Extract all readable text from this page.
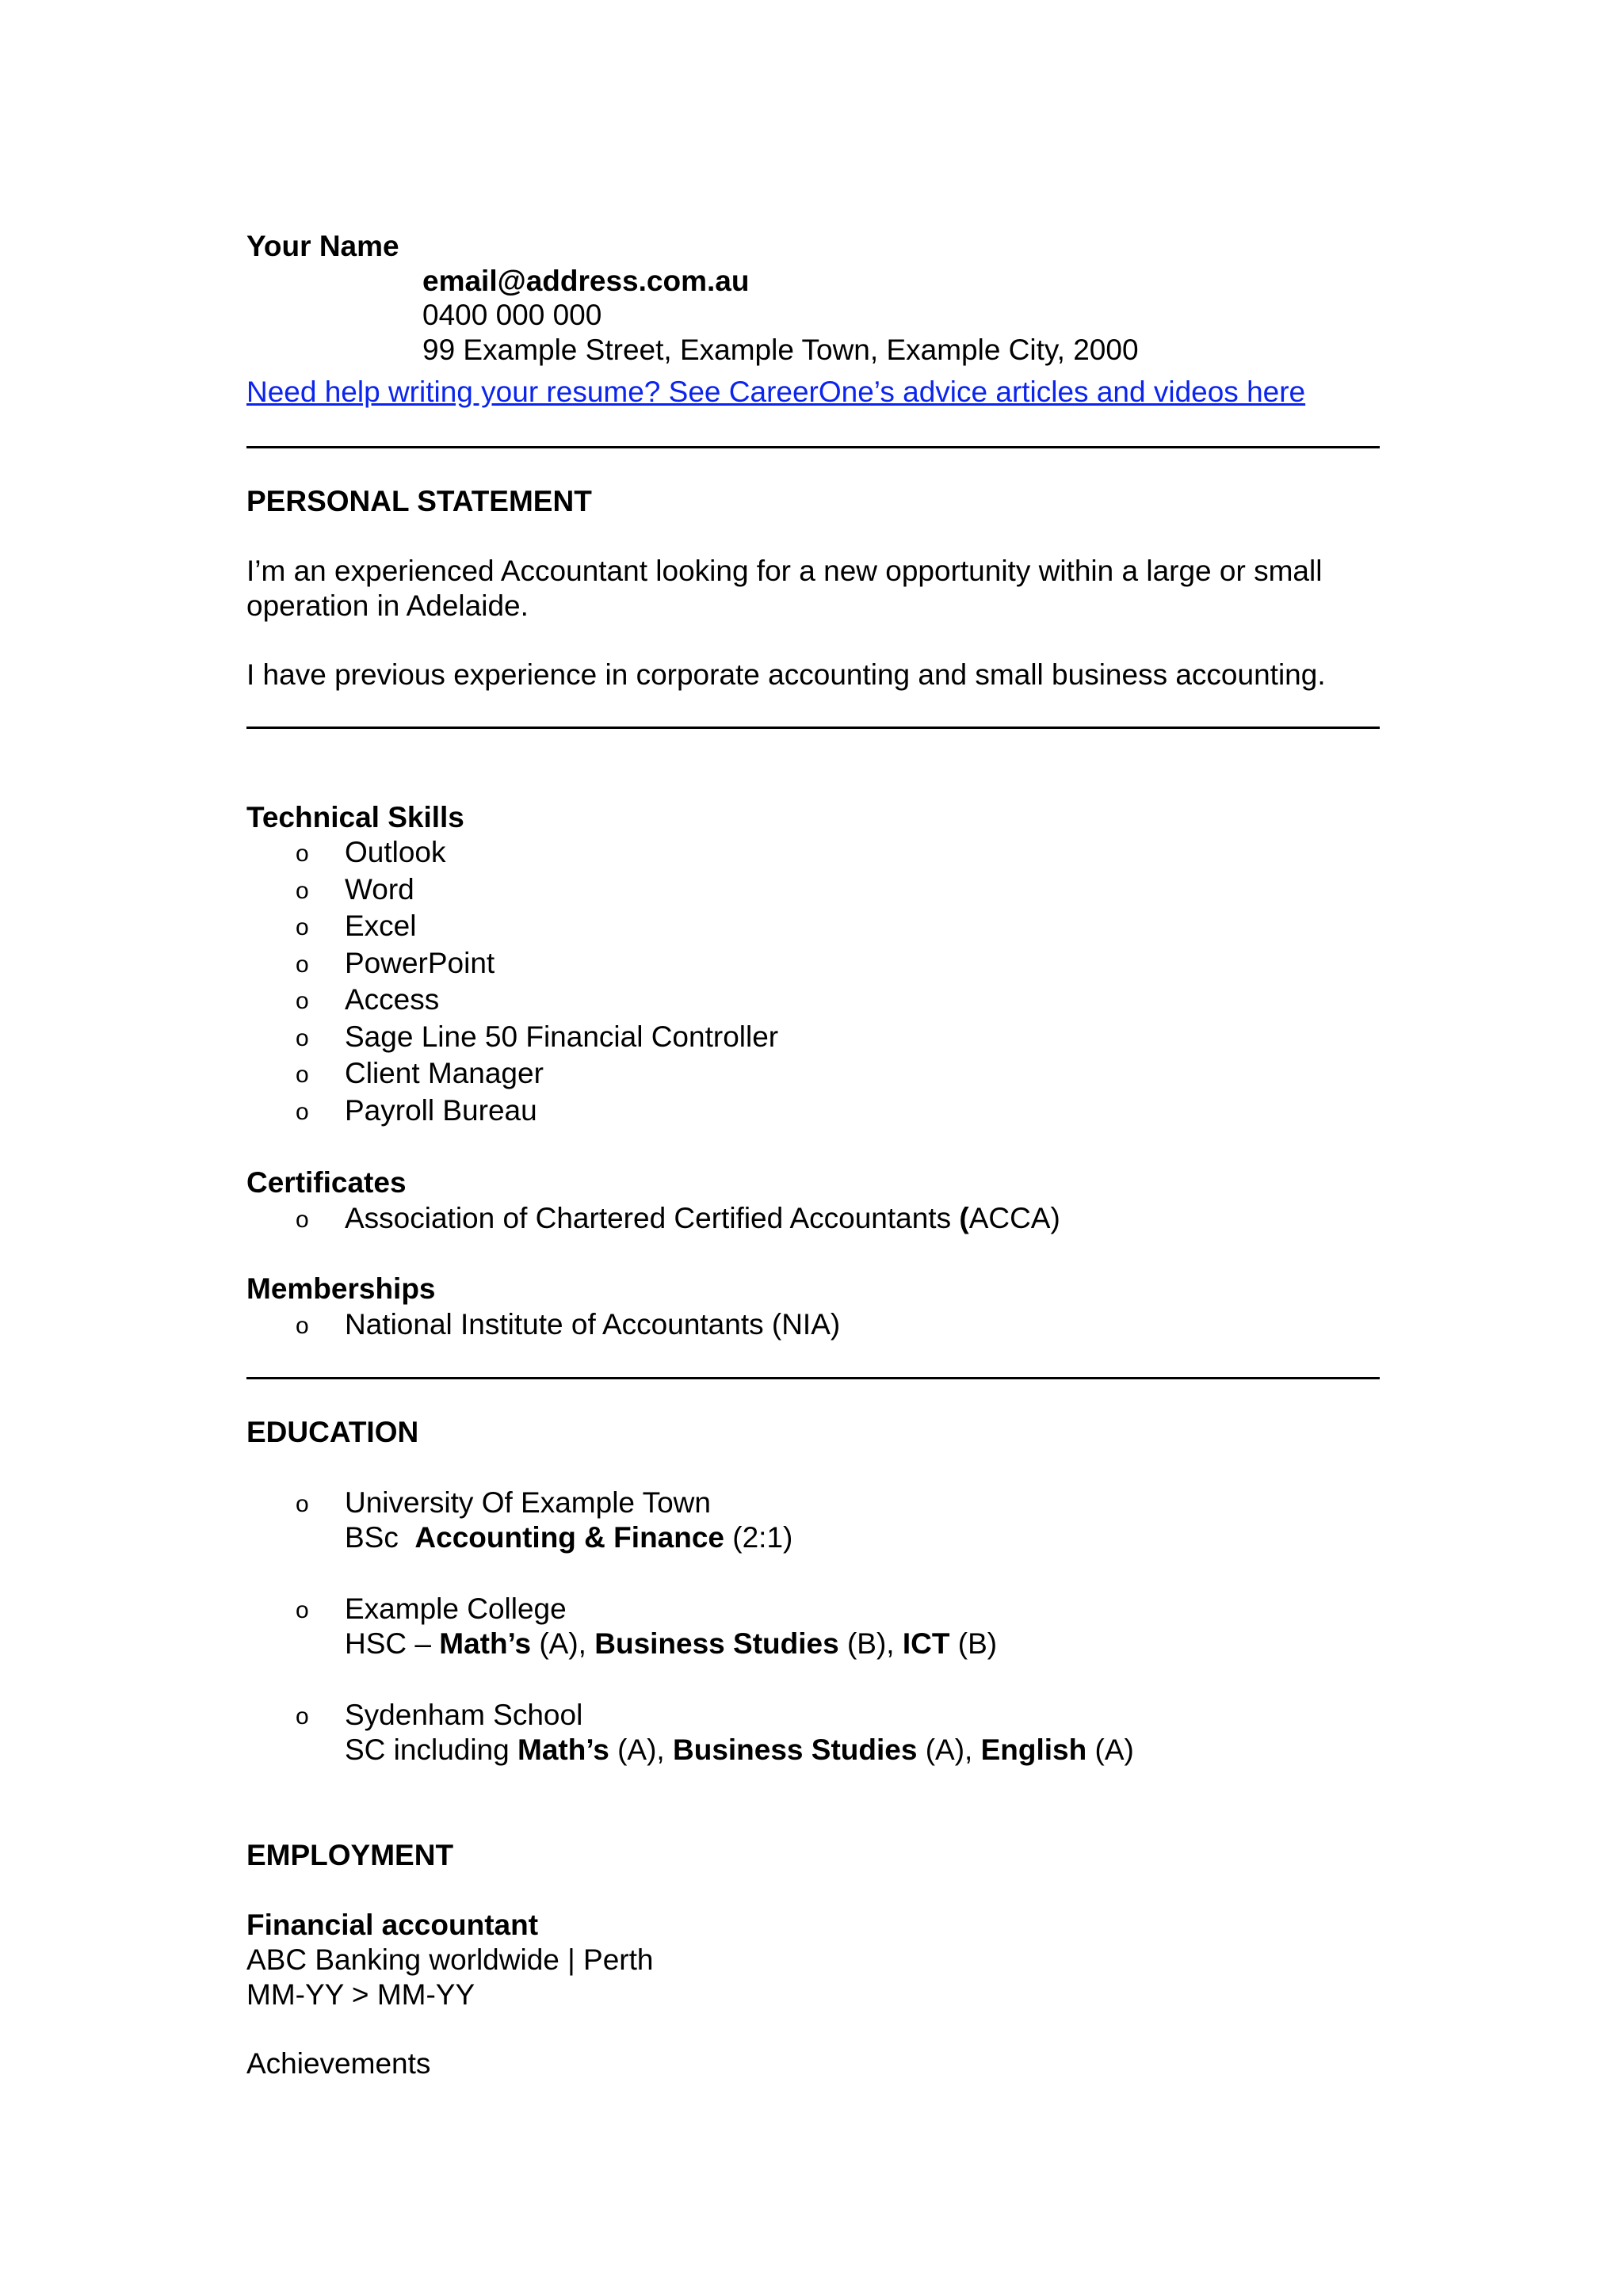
Your Name
email@address.com.au
0400 000 000
99 Example Street, Example Town, Example City, 2000
Need help writing your resume? See CareerOne’s advice articles and videos here
PERSONAL STATEMENT
I’m an experienced Accountant looking for a new opportunity within a large or small
operation in Adelaide.
I have previous experience in corporate accounting and small business accounting.
Technical Skills
o Outlook
o Word
o Excel
o PowerPoint
o Access
o Sage Line 50 Financial Controller
o Client Manager
o Payroll Bureau
Certificates
o Association of Chartered Certified Accountants (ACCA)
Memberships
o National Institute of Accountants (NIA)
EDUCATION
o University Of Example Town
BSc  Accounting & Finance (2:1)
o Example College
HSC – Math’s (A), Business Studies (B), ICT (B)
o Sydenham School
SC including Math’s (A), Business Studies (A), English (A)
EMPLOYMENT
Financial accountant
ABC Banking worldwide | Perth
MM-YY > MM-YY
Achievements
